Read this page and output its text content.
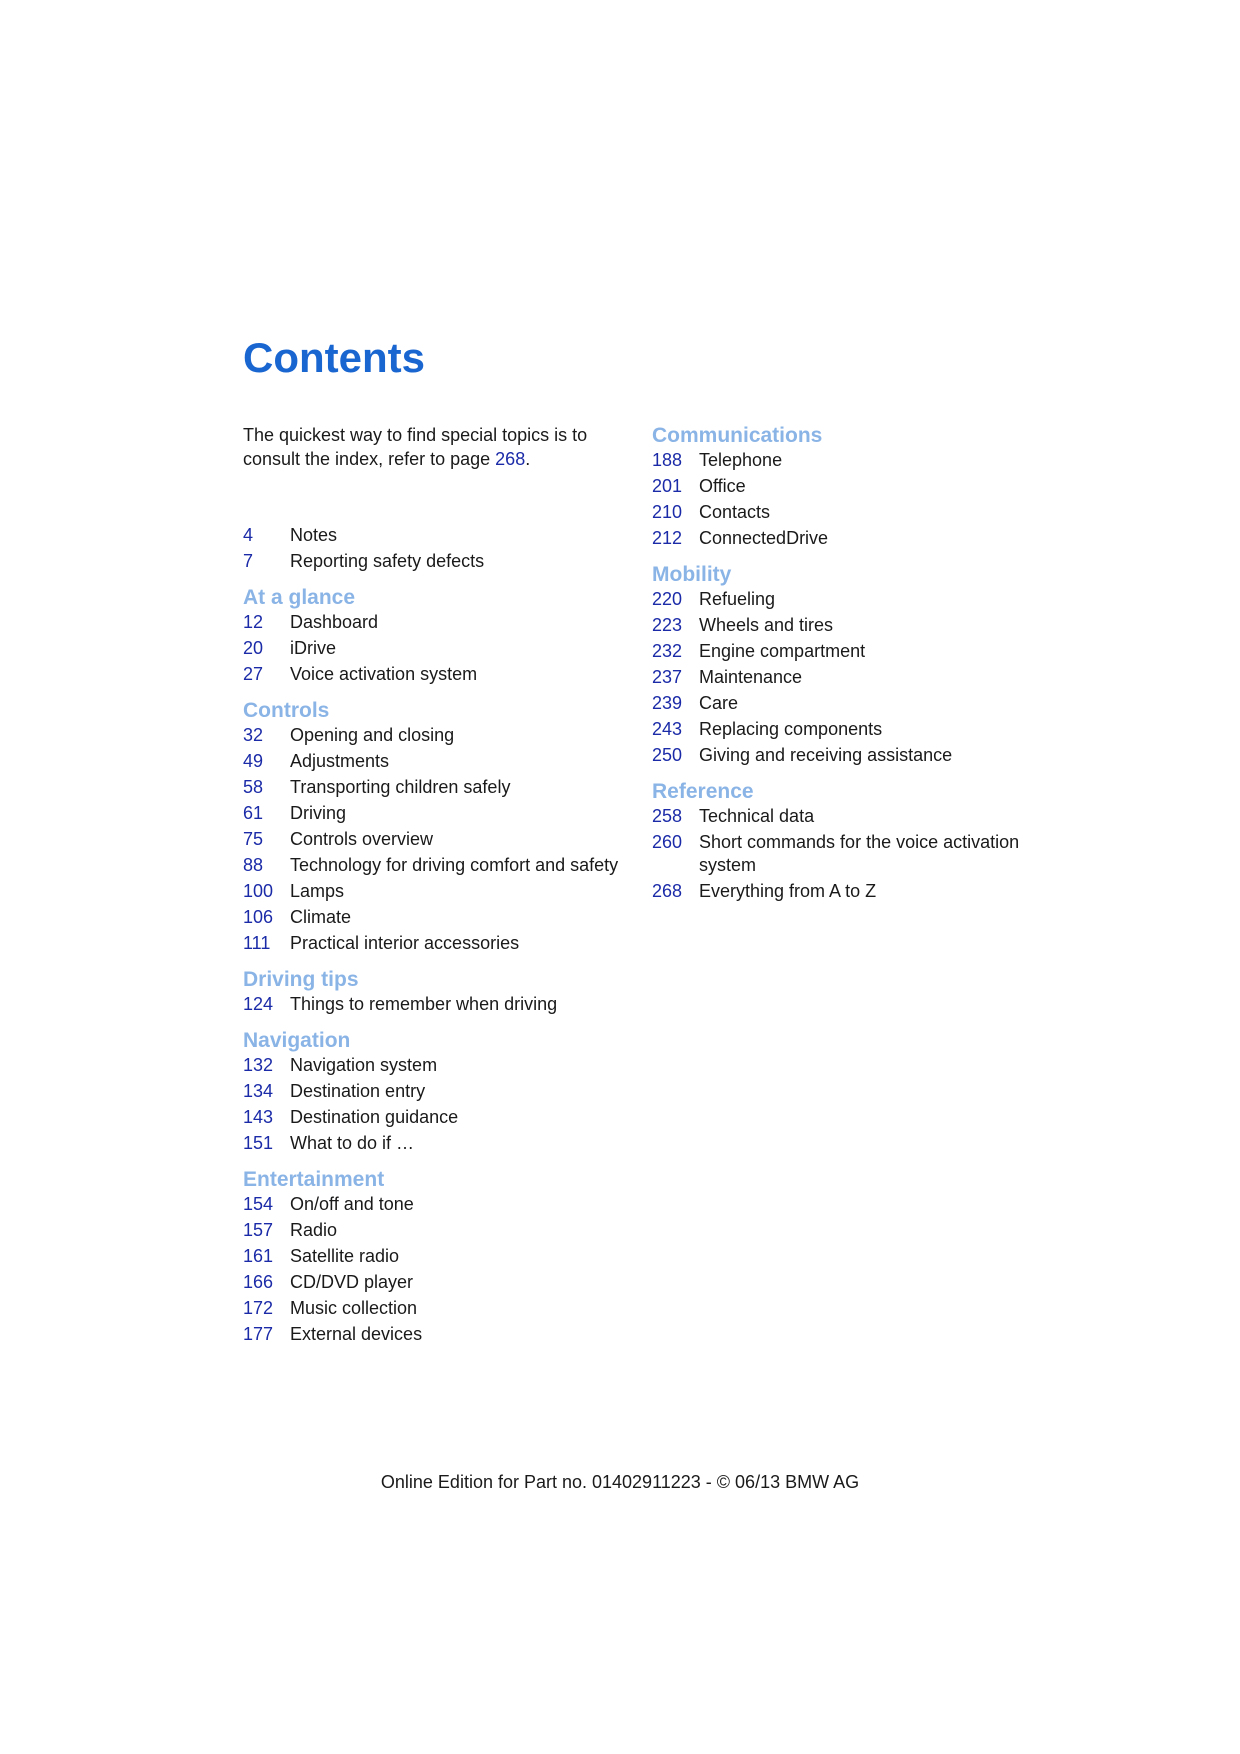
Contents

The quickest way to find special topics is to consult the index, refer to page 268.

4	Notes
7	Reporting safety defects
At a glance
12	Dashboard
20	iDrive
27	Voice activation system
Controls
32	Opening and closing
49	Adjustments
58	Transporting children safely
61	Driving
75	Controls overview
88	Technology for driving comfort and safety
100 Lamps
106 Climate
111	Practical interior accessories
Driving tips
124 Things to remember when driving
Navigation
132 Navigation system
134 Destination entry
143 Destination guidance
151 What to do if …
Entertainment
154 On/off and tone
157 Radio
161 Satellite radio
166 CD/DVD player
172 Music collection
177 External devices
Communications
188 Telephone
201 Office
210 Contacts
212 ConnectedDrive
Mobility
220 Refueling
223 Wheels and tires
232 Engine compartment
237 Maintenance
239 Care
243 Replacing components
250 Giving and receiving assistance
Reference
258 Technical data
260 Short commands for the voice activation system
268 Everything from A to Z
Online Edition for Part no. 01402911223 - © 06/13 BMW AG
